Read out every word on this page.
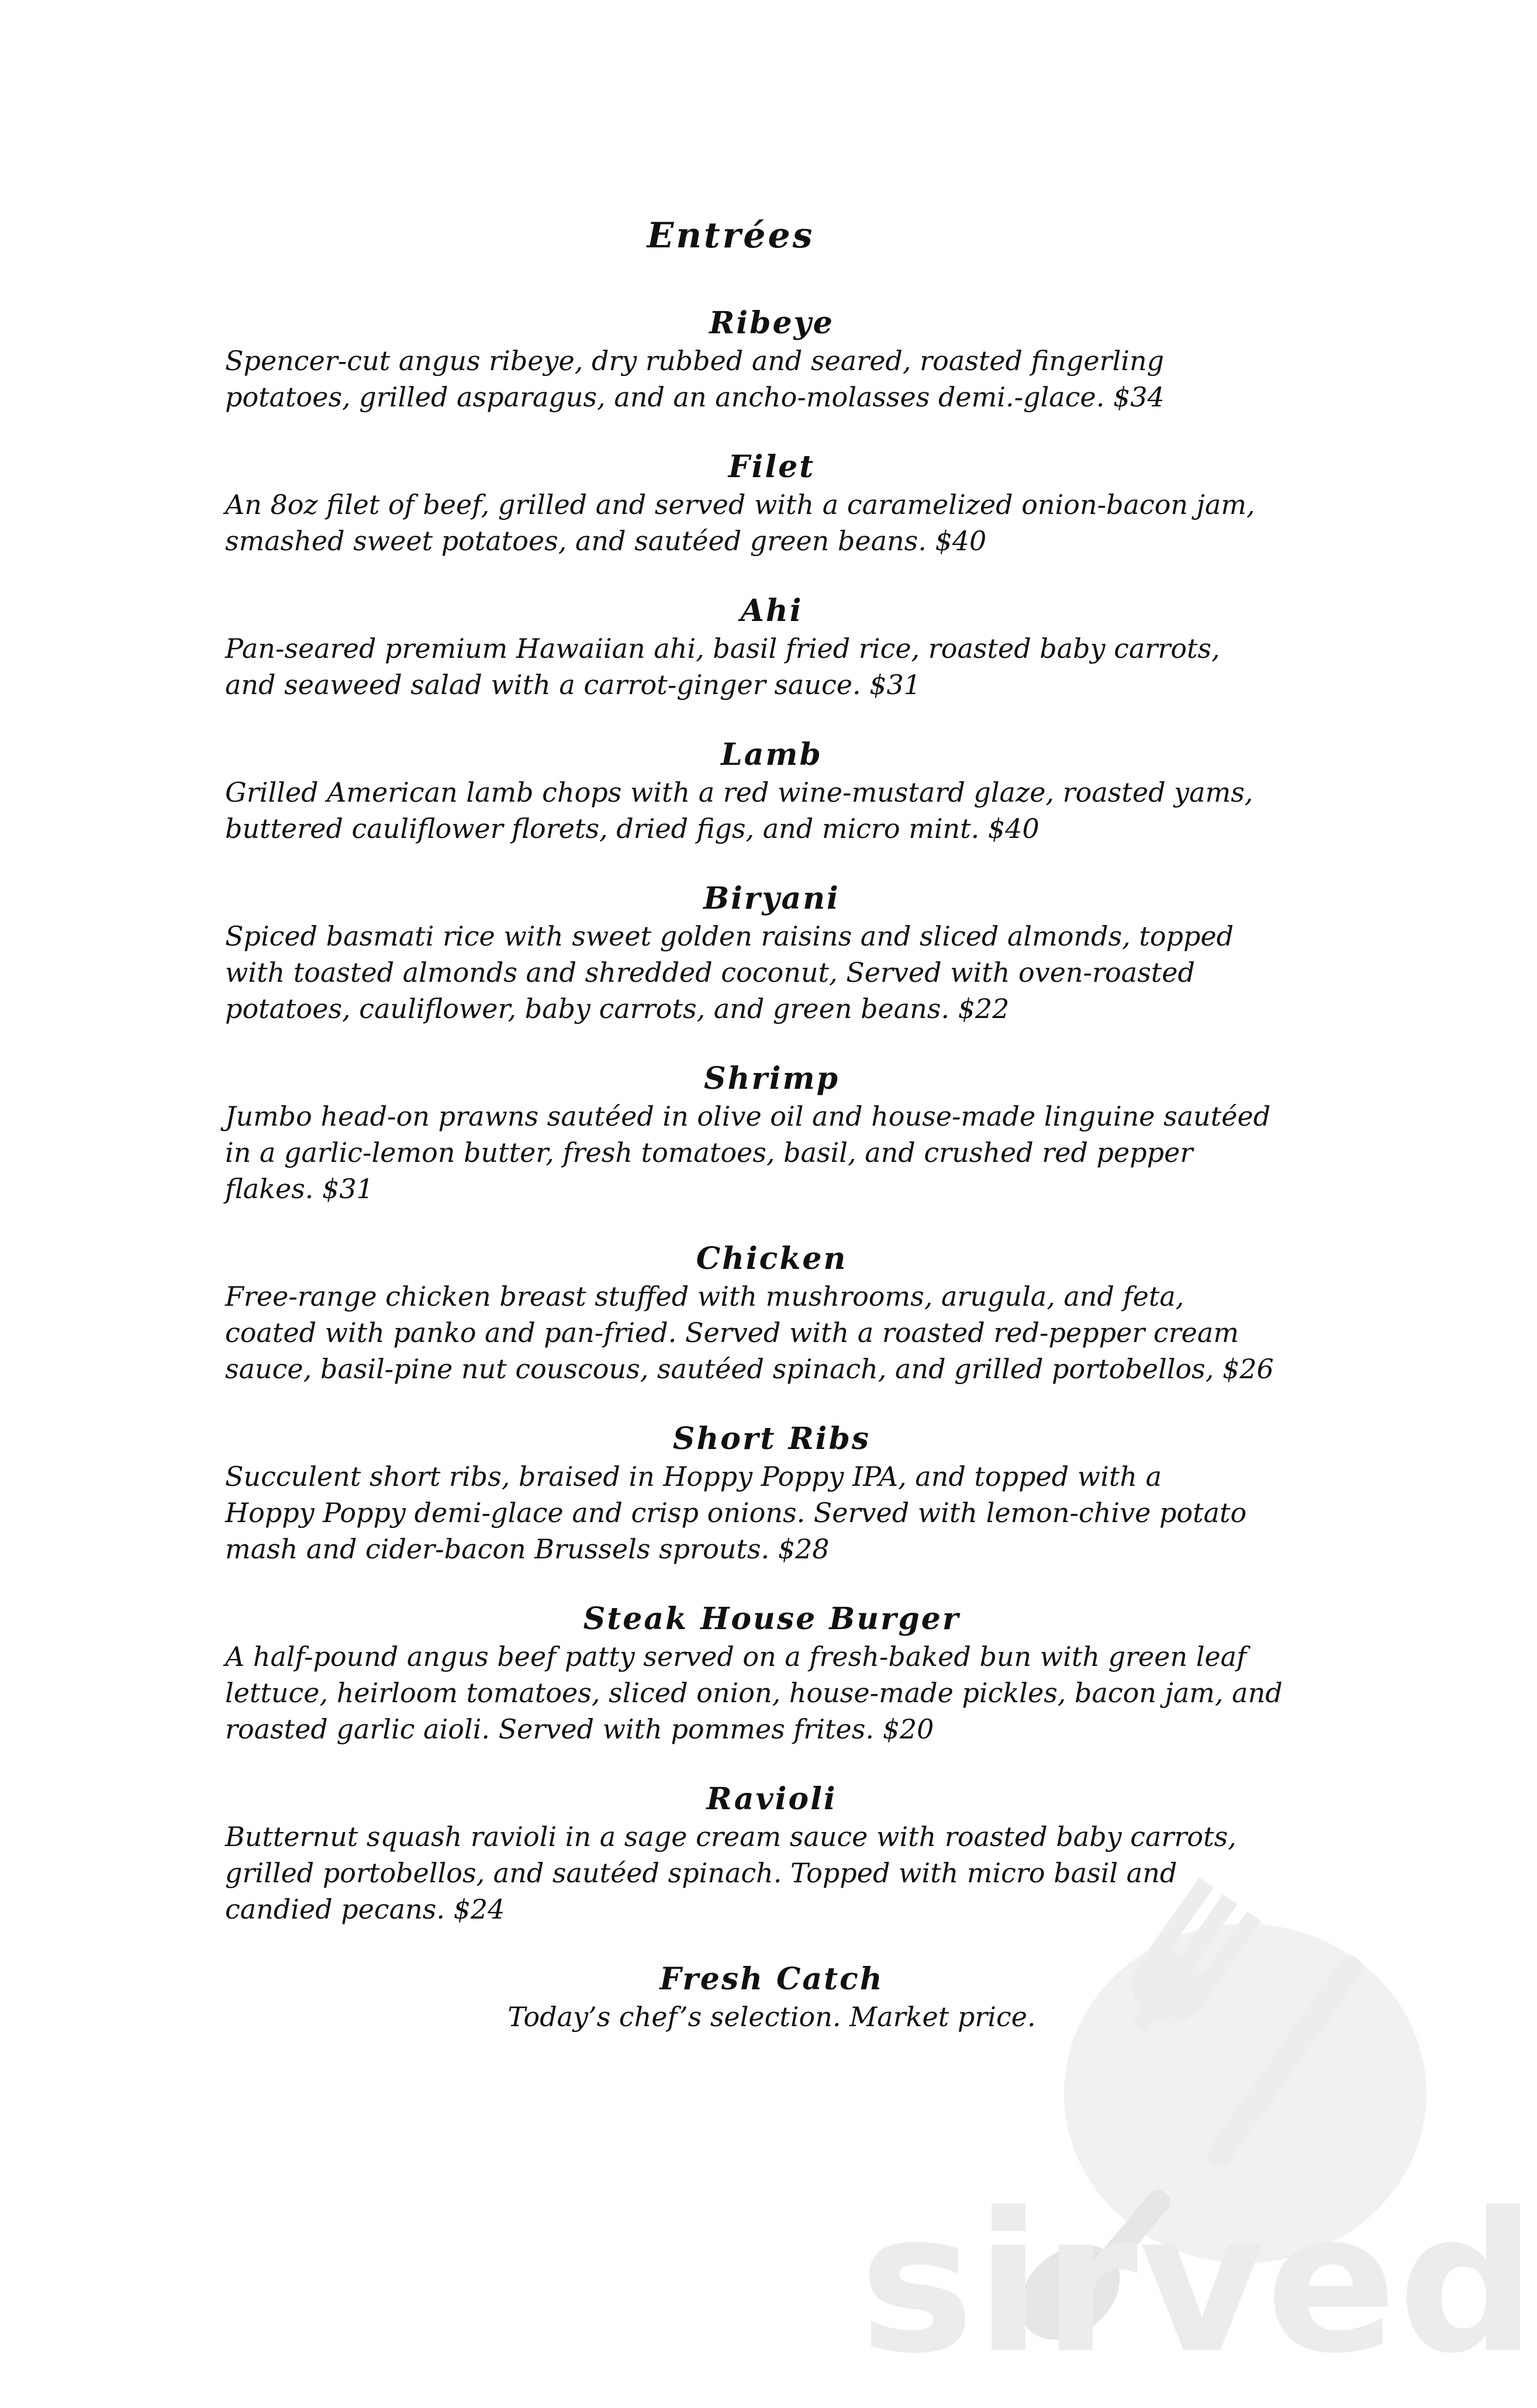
sirved
Entrées
Ribeye

Spencer-cut angus ribeye, dry rubbed and seared, roasted fingerling

potatoes, grilled asparagus, and an ancho-molasses demi.-glace. $34

Filet

An 8oz filet of beef, grilled and served with a caramelized onion-bacon jam,

smashed sweet potatoes, and sautéed green beans. $40

Ahi

Pan-seared premium Hawaiian ahi, basil fried rice, roasted baby carrots,

and seaweed salad with a carrot-ginger sauce. $31

Lamb

Grilled American lamb chops with a red wine-mustard glaze, roasted yams,

buttered cauliflower florets, dried figs, and micro mint. $40

Biryani

Spiced basmati rice with sweet golden raisins and sliced almonds, topped

with toasted almonds and shredded coconut, Served with oven-roasted

potatoes, cauliflower, baby carrots, and green beans. $22

Shrimp

Jumbo head-on prawns sautéed in olive oil and house-made linguine sautéed

in a garlic-lemon butter, fresh tomatoes, basil, and crushed red pepper

flakes. $31

Chicken

Free-range chicken breast stuffed with mushrooms, arugula, and feta,

coated with panko and pan-fried. Served with a roasted red-pepper cream

sauce, basil-pine nut couscous, sautéed spinach, and grilled portobellos, $26

Short Ribs

Succulent short ribs, braised in Hoppy Poppy IPA, and topped with a

Hoppy Poppy demi-glace and crisp onions. Served with lemon-chive potato

mash and cider-bacon Brussels sprouts. $28

Steak House Burger

A half-pound angus beef patty served on a fresh-baked bun with green leaf

lettuce, heirloom tomatoes, sliced onion, house-made pickles, bacon jam, and

roasted garlic aioli. Served with pommes frites. $20

Ravioli

Butternut squash ravioli in a sage cream sauce with roasted baby carrots,

grilled portobellos, and sautéed spinach. Topped with micro basil and

candied pecans. $24

Fresh Catch

Today’s chef’s selection. Market price.
